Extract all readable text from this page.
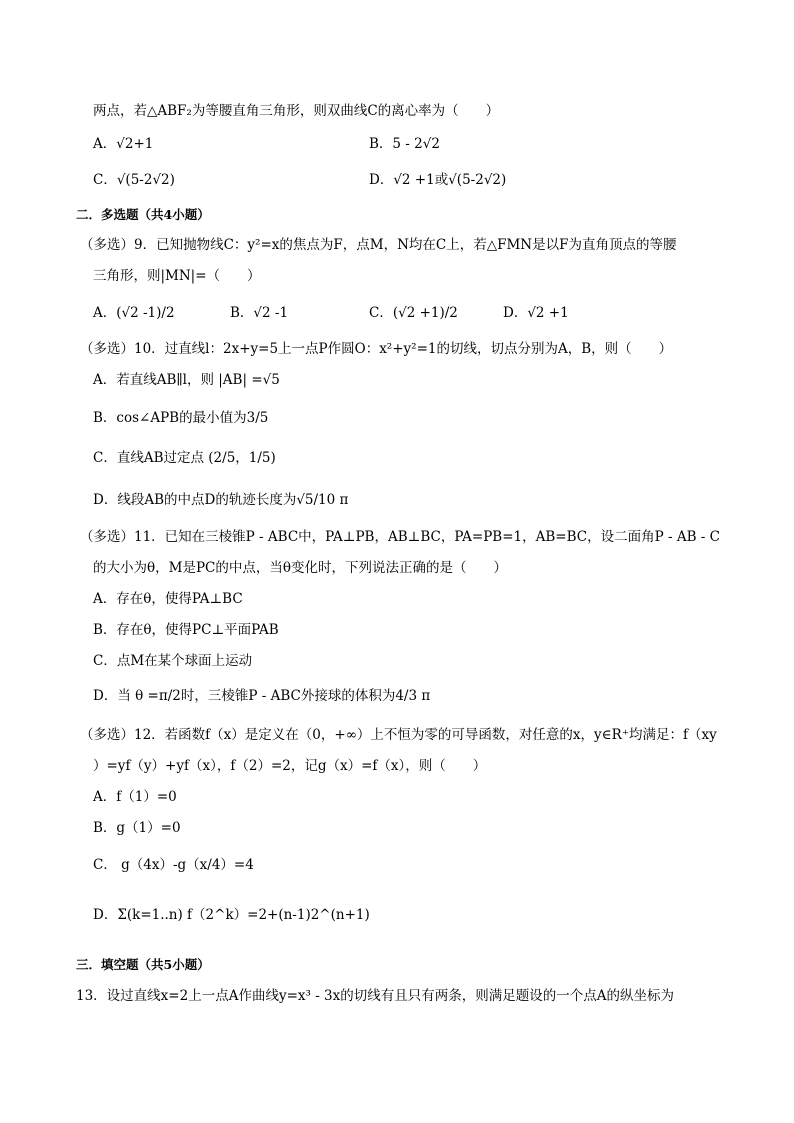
两点，若△ABF₂为等腰直角三角形，则双曲线C的离心率为（　　）
A．√2+1	B．5 - 2√2
C．√(5-2√2)	D．√2 +1或√(5-2√2)
二．多选题（共4小题）
（多选）9．已知抛物线C：y²=x的焦点为F，点M，N均在C上，若△FMN是以F为直角顶点的等腰
三角形，则|MN|=（　　）
A．(√2 -1)/2	B．√2 -1	C．(√2 +1)/2	D．√2 +1
（多选）10．过直线l：2x+y=5上一点P作圆O：x²+y²=1的切线，切点分别为A，B，则（　　）
A．若直线AB∥l，则 |AB| =√5
B．cos∠APB的最小值为3/5
C．直线AB过定点 (2/5，1/5)
D．线段AB的中点D的轨迹长度为√5/10 π
（多选）11．已知在三棱锥P - ABC中，PA⊥PB，AB⊥BC，PA=PB=1，AB=BC，设二面角P - AB - C
的大小为θ，M是PC的中点，当θ变化时，下列说法正确的是（　　）
A．存在θ，使得PA⊥BC
B．存在θ，使得PC⊥平面PAB
C．点M在某个球面上运动
D．当 θ =π/2时，三棱锥P - ABC外接球的体积为4/3 π
（多选）12．若函数f（x）是定义在（0，+∞）上不恒为零的可导函数，对任意的x，y∈R⁺均满足：f（xy
）=yf（y）+yf（x），f（2）=2，记g（x）=f（x），则（　　）
A．f（1）=0
B．g（1）=0
C． g（4x）-g（x/4）=4
D．Σ(k=1..n) f（2^k）=2+(n-1)2^(n+1)
三．填空题（共5小题）
13．设过直线x=2上一点A作曲线y=x³ - 3x的切线有且只有两条，则满足题设的一个点A的纵坐标为
